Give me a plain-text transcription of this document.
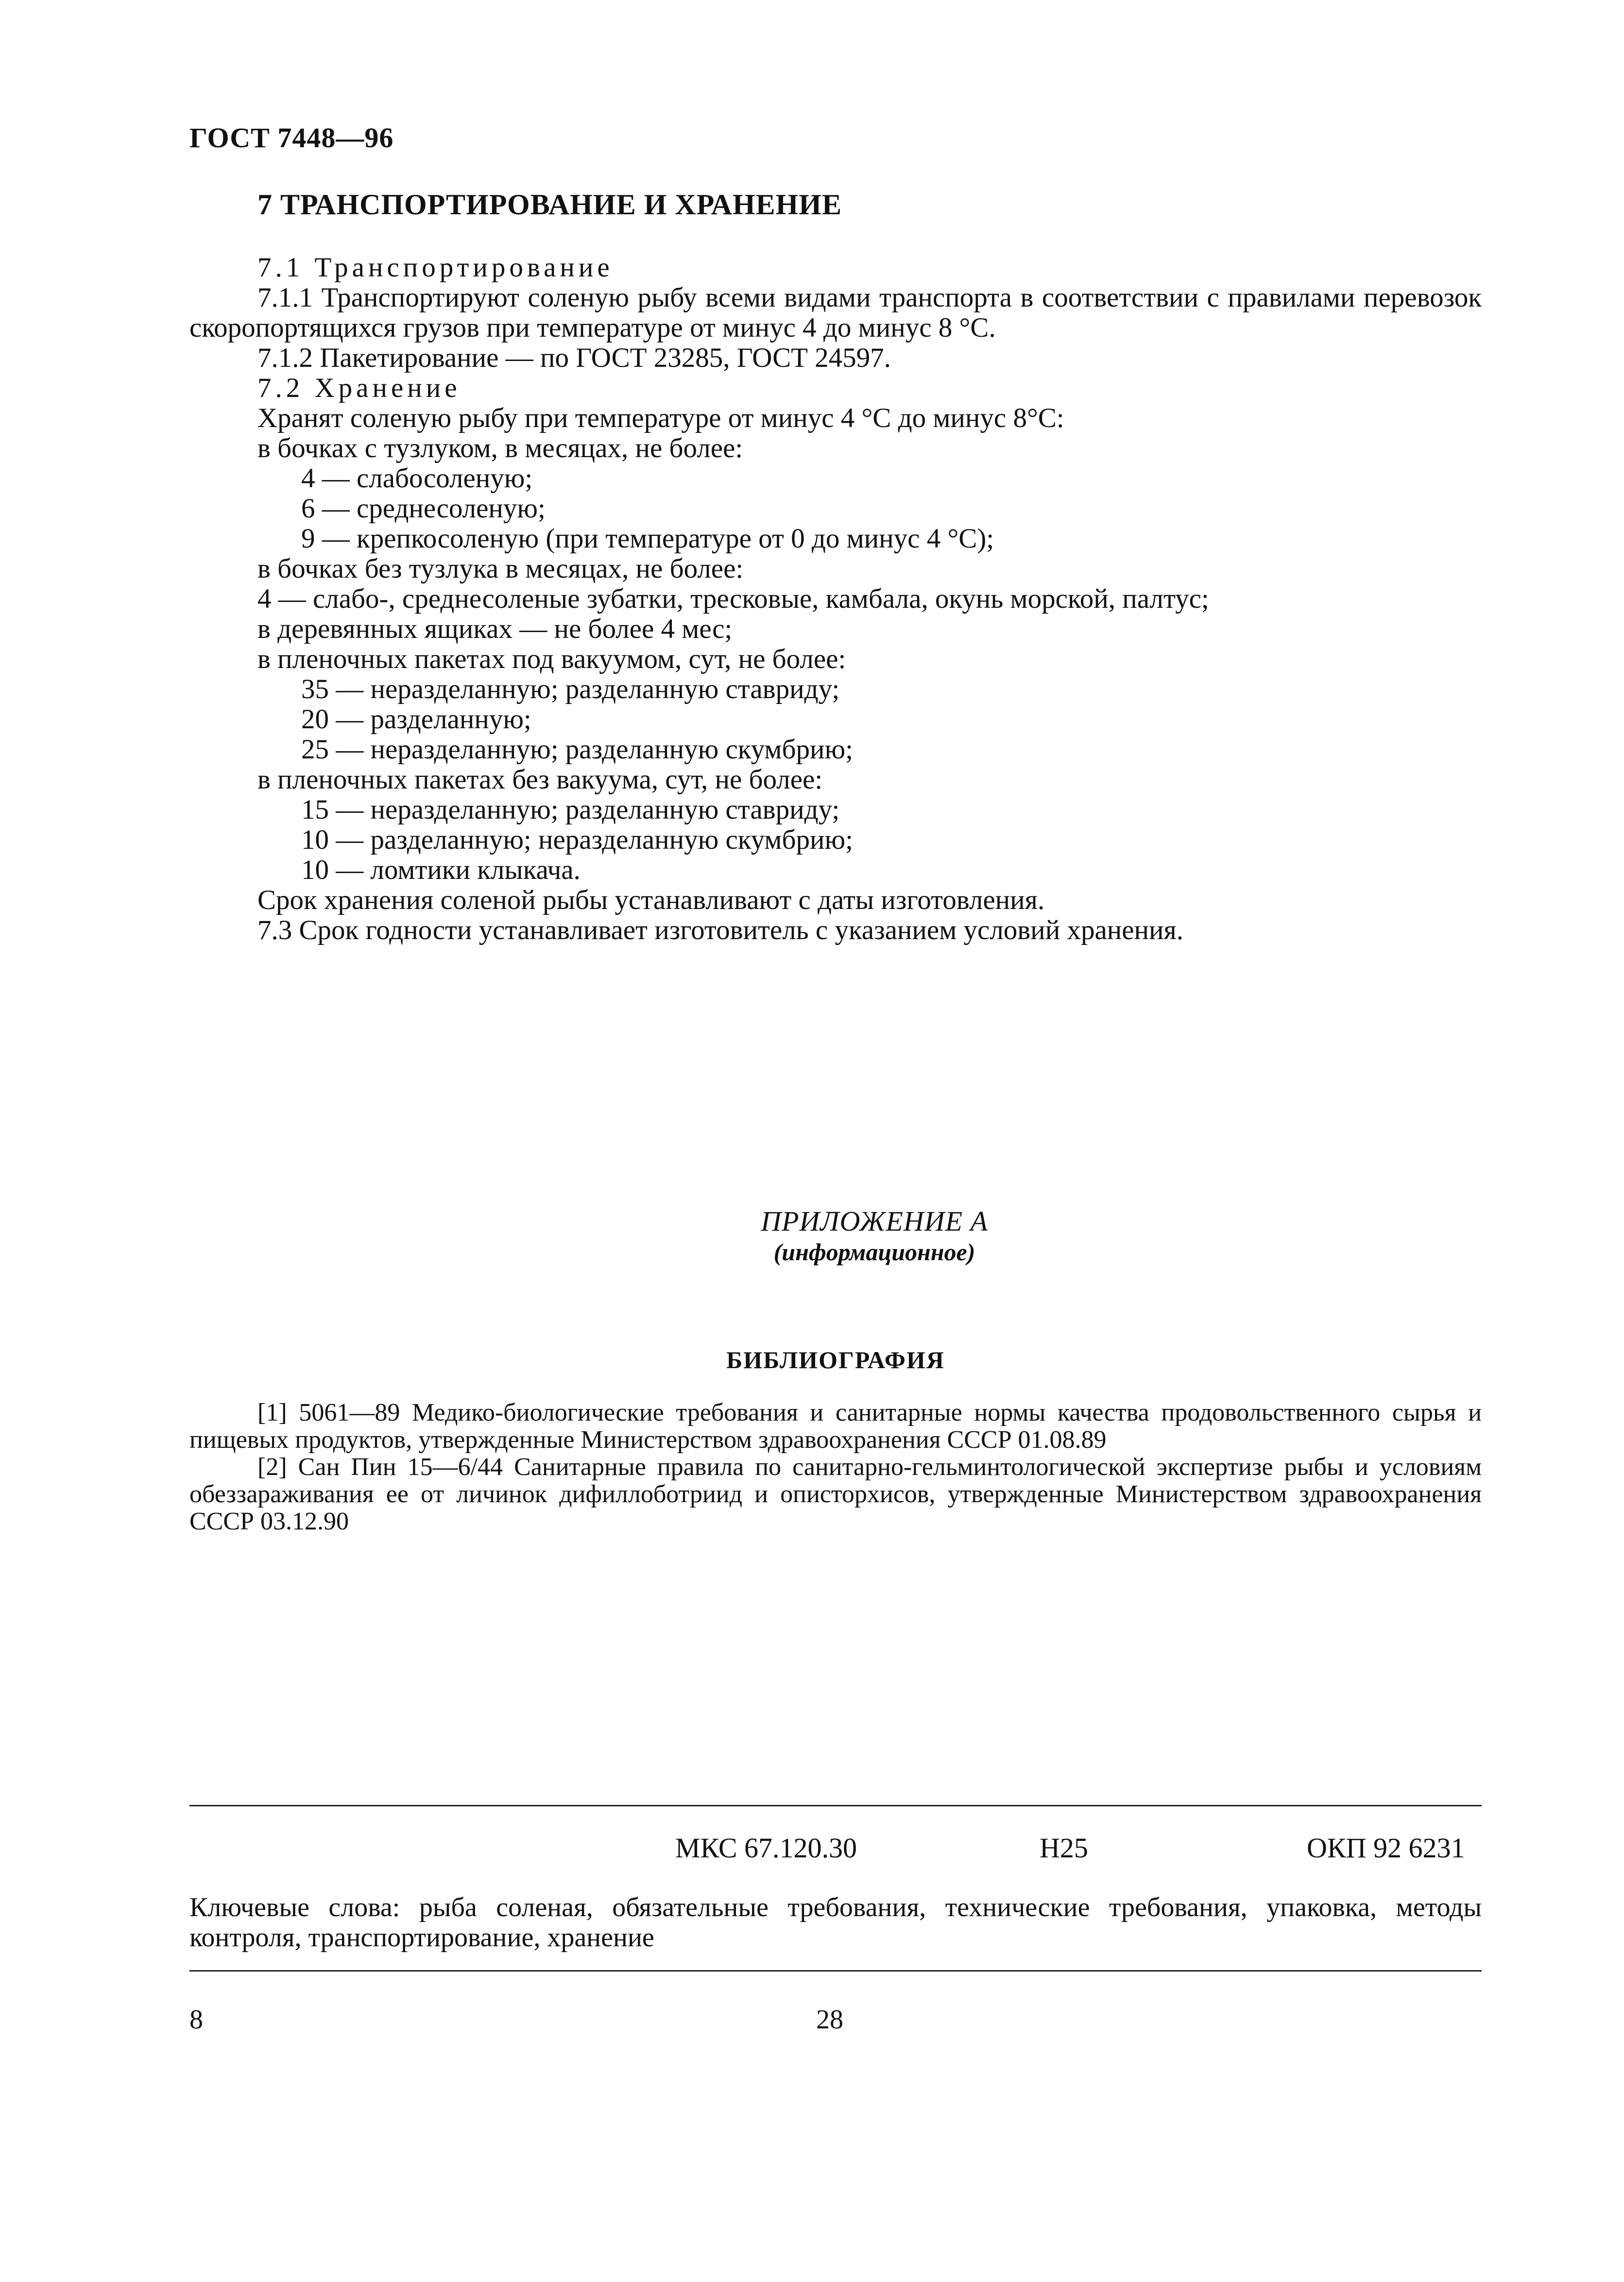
ГОСТ 7448—96
7 ТРАНСПОРТИРОВАНИЕ И ХРАНЕНИЕ

7.1 Транспортирование

7.1.1 Транспортируют соленую рыбу всеми видами транспорта в соответствии с правилами перевозок скоропортящихся грузов при температуре от минус 4 до минус 8 °С.

7.1.2 Пакетирование — по ГОСТ 23285, ГОСТ 24597.

7.2 Хранение

Хранят соленую рыбу при температуре от минус 4 °С до минус 8°С:

в бочках с тузлуком, в месяцах, не более:

4 — слабосоленую;

6 — среднесоленую;

9 — крепкосоленую (при температуре от 0 до минус 4 °С);

в бочках без тузлука в месяцах, не более:

4 — слабо-, среднесоленые зубатки, тресковые, камбала, окунь морской, палтус;

в деревянных ящиках — не более 4 мес;

в пленочных пакетах под вакуумом, сут, не более:

35 — неразделанную; разделанную ставриду;

20 — разделанную;

25 — неразделанную; разделанную скумбрию;

в пленочных пакетах без вакуума, сут, не более:

15 — неразделанную; разделанную ставриду;

10 — разделанную; неразделанную скумбрию;

10 — ломтики клыкача.

Срок хранения соленой рыбы устанавливают с даты изготовления.

7.3 Срок годности устанавливает изготовитель с указанием условий хранения.

ПРИЛОЖЕНИЕ А
(информационное)
БИБЛИОГРАФИЯ

[1] 5061—89 Медико-биологические требования и санитарные нормы качества продовольственного сырья и пищевых продуктов, утвержденные Министерством здравоохранения СССР 01.08.89

[2] Сан Пин 15—6/44 Санитарные правила по санитарно-гельминтологической экспертизе рыбы и условиям обеззараживания ее от личинок дифиллоботриид и описторхисов, утвержденные Министерством здравоохранения СССР 03.12.90

МКС 67.120.30	Н25	ОКП 92 6231
Ключевые слова: рыба соленая, обязательные требования, технические требования, упаковка, методы контроля, транспортирование, хранение
8	28
